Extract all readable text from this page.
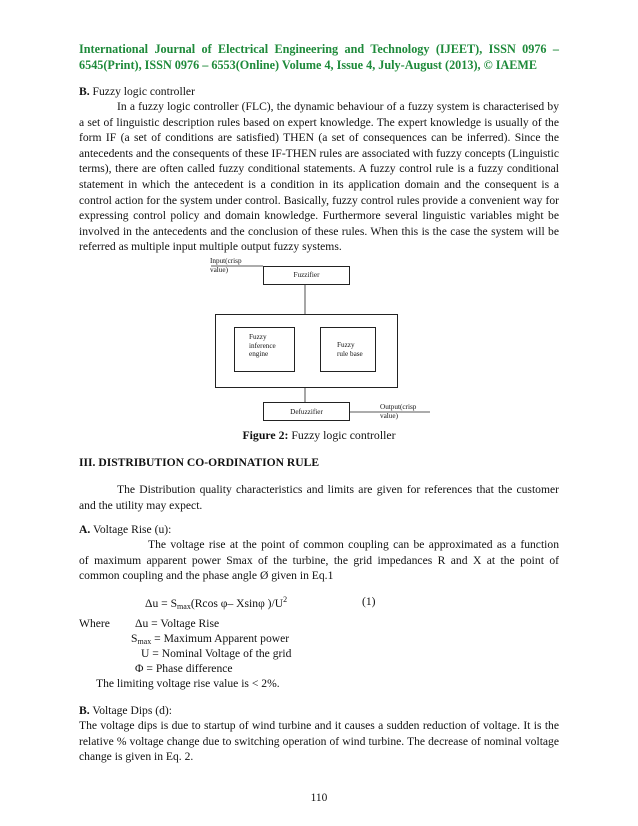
International Journal of Electrical Engineering and Technology (IJEET), ISSN 0976 – 6545(Print), ISSN 0976 – 6553(Online) Volume 4, Issue 4, July-August (2013), © IAEME
B. Fuzzy logic controller
In a fuzzy logic controller (FLC), the dynamic behaviour of a fuzzy system is characterised by a set of linguistic description rules based on expert knowledge. The expert knowledge is usually of the form IF (a set of conditions are satisfied) THEN (a set of consequences can be inferred). Since the antecedents and the consequents of these IF-THEN rules are associated with fuzzy concepts (Linguistic terms), there are often called fuzzy conditional statements. A fuzzy control rule is a fuzzy conditional statement in which the antecedent is a condition in its application domain and the consequent is a control action for the system under control. Basically, fuzzy control rules provide a convenient way for expressing control policy and domain knowledge. Furthermore several linguistic variables might be involved in the antecedents and the conclusion of these rules. When this is the case the system will be referred as multiple input multiple output fuzzy systems.
Input(crisp value)
Fuzzifier
Fuzzy inference engine
Fuzzy rule base
Defuzzifier
Output(crisp value)
Figure 2: Fuzzy logic controller
III. DISTRIBUTION CO-ORDINATION RULE
The Distribution quality characteristics and limits are given for references that the customer and the utility may expect.
A. Voltage Rise (u):
The voltage rise at the point of common coupling can be approximated as a function
of maximum apparent power Smax of the turbine, the grid impedances R and X at the point of common coupling and the phase angle Ø given in Eq.1
$\Delta u = S_{max}(Rcos$ φ– Xsinφ )$/U^2$	(1)
Where Δu = Voltage Rise
$S_{max}$ = Maximum Apparent power
U = Nominal Voltage of the grid
Φ = Phase difference
The limiting voltage rise value is < 2%.
B. Voltage Dips (d):
The voltage dips is due to startup of wind turbine and it causes a sudden reduction of voltage. It is the relative % voltage change due to switching operation of wind turbine. The decrease of nominal voltage change is given in Eq. 2.
110
